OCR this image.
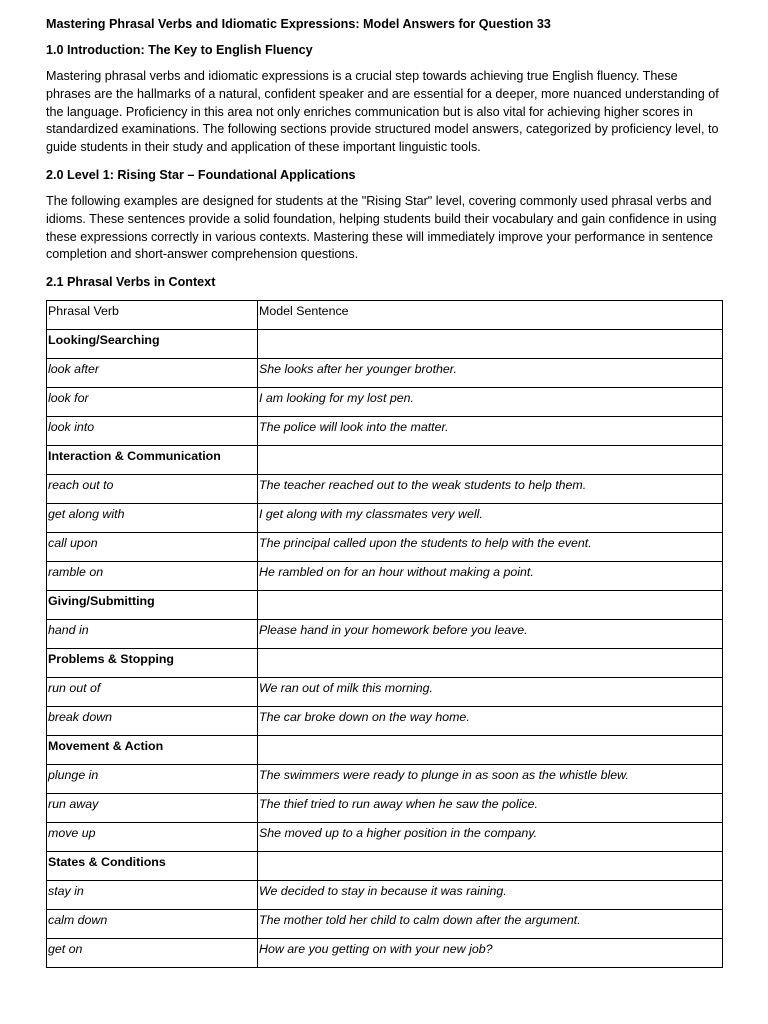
Mastering Phrasal Verbs and Idiomatic Expressions: Model Answers for Question 33
1.0 Introduction: The Key to English Fluency

Mastering phrasal verbs and idiomatic expressions is a crucial step towards achieving true English fluency. These phrases are the hallmarks of a natural, confident speaker and are essential for a deeper, more nuanced understanding of the language. Proficiency in this area not only enriches communication but is also vital for achieving higher scores in standardized examinations. The following sections provide structured model answers, categorized by proficiency level, to guide students in their study and application of these important linguistic tools.

2.0 Level 1: Rising Star – Foundational Applications

The following examples are designed for students at the "Rising Star" level, covering commonly used phrasal verbs and idioms. These sentences provide a solid foundation, helping students build their vocabulary and gain confidence in using these expressions correctly in various contexts. Mastering these will immediately improve your performance in sentence completion and short-answer comprehension questions.

2.1 Phrasal Verbs in Context
Phrasal Verb	Model Sentence

Looking/Searching	

look after	She looks after her younger brother.

look for	I am looking for my lost pen.

look into	The police will look into the matter.

Interaction & Communication	

reach out to	The teacher reached out to the weak students to help them.

get along with	I get along with my classmates very well.

call upon	The principal called upon the students to help with the event.

ramble on	He rambled on for an hour without making a point.

Giving/Submitting	

hand in	Please hand in your homework before you leave.

Problems & Stopping	

run out of	We ran out of milk this morning.

break down	The car broke down on the way home.

Movement & Action	

plunge in	The swimmers were ready to plunge in as soon as the whistle blew.

run away	The thief tried to run away when he saw the police.

move up	She moved up to a higher position in the company.

States & Conditions	

stay in	We decided to stay in because it was raining.

calm down	The mother told her child to calm down after the argument.

get on	How are you getting on with your new job?
